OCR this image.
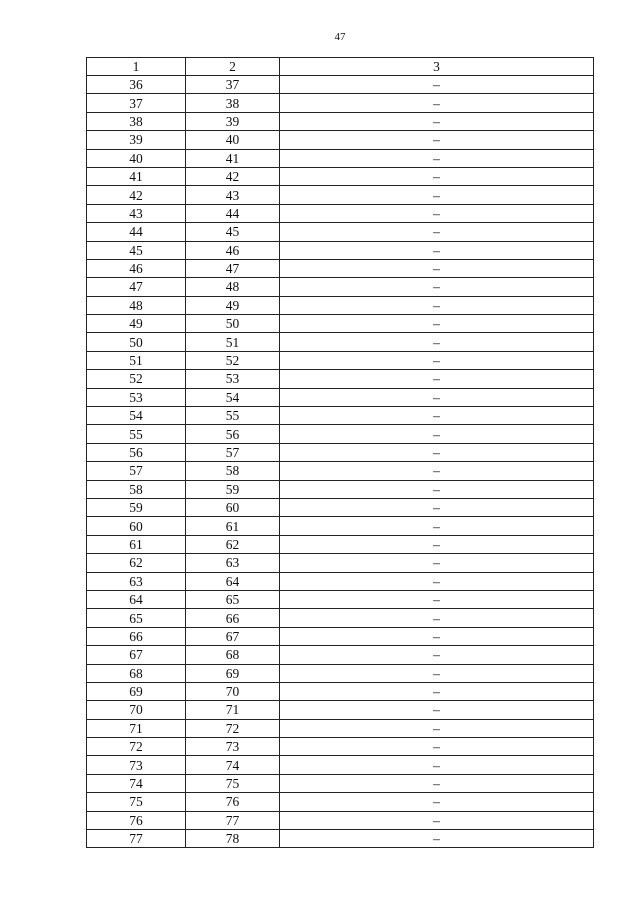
47
1	2	3
36	37	–
37	38	–
38	39	–
39	40	–
40	41	–
41	42	–
42	43	–
43	44	–
44	45	–
45	46	–
46	47	–
47	48	–
48	49	–
49	50	–
50	51	–
51	52	–
52	53	–
53	54	–
54	55	–
55	56	–
56	57	–
57	58	–
58	59	–
59	60	–
60	61	–
61	62	–
62	63	–
63	64	–
64	65	–
65	66	–
66	67	–
67	68	–
68	69	–
69	70	–
70	71	–
71	72	–
72	73	–
73	74	–
74	75	–
75	76	–
76	77	–
77	78	–
